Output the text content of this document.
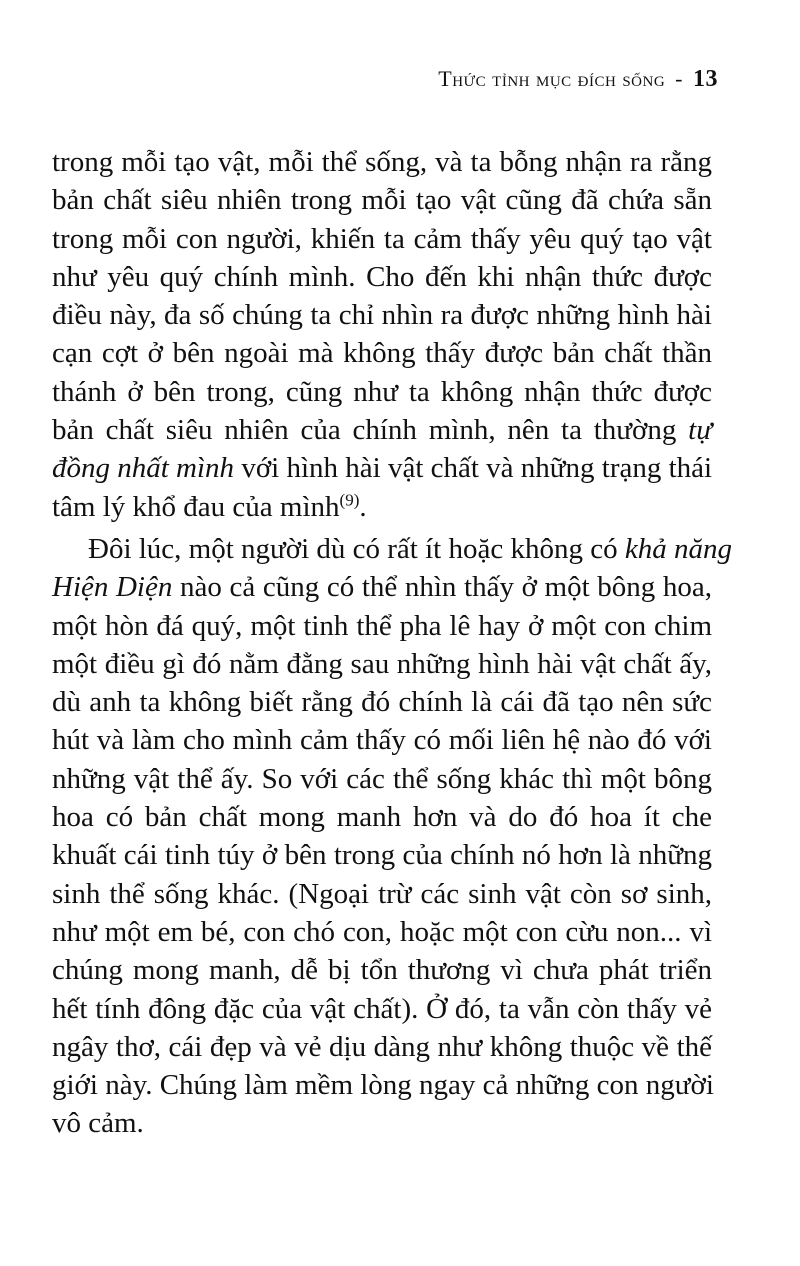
Thức tỉnh mục đích sống - 13
trong mỗi tạo vật, mỗi thể sống, và ta bỗng nhận ra rằng
bản chất siêu nhiên trong mỗi tạo vật cũng đã chứa sẵn
trong mỗi con người, khiến ta cảm thấy yêu quý tạo vật
như yêu quý chính mình. Cho đến khi nhận thức được
điều này, đa số chúng ta chỉ nhìn ra được những hình hài
cạn cợt ở bên ngoài mà không thấy được bản chất thần
thánh ở bên trong, cũng như ta không nhận thức được
bản chất siêu nhiên của chính mình, nên ta thường tự
đồng nhất mình với hình hài vật chất và những trạng thái
tâm lý khổ đau của mình$^{(9)}$.
Đôi lúc, một người dù có rất ít hoặc không có khả năng
Hiện Diện nào cả cũng có thể nhìn thấy ở một bông hoa,
một hòn đá quý, một tinh thể pha lê hay ở một con chim
một điều gì đó nằm đằng sau những hình hài vật chất ấy,
dù anh ta không biết rằng đó chính là cái đã tạo nên sức
hút và làm cho mình cảm thấy có mối liên hệ nào đó với
những vật thể ấy. So với các thể sống khác thì một bông
hoa có bản chất mong manh hơn và do đó hoa ít che
khuất cái tinh túy ở bên trong của chính nó hơn là những
sinh thể sống khác. (Ngoại trừ các sinh vật còn sơ sinh,
như một em bé, con chó con, hoặc một con cừu non... vì
chúng mong manh, dễ bị tổn thương vì chưa phát triển
hết tính đông đặc của vật chất). Ở đó, ta vẫn còn thấy vẻ
ngây thơ, cái đẹp và vẻ dịu dàng như không thuộc về thế
giới này. Chúng làm mềm lòng ngay cả những con người
vô cảm.
